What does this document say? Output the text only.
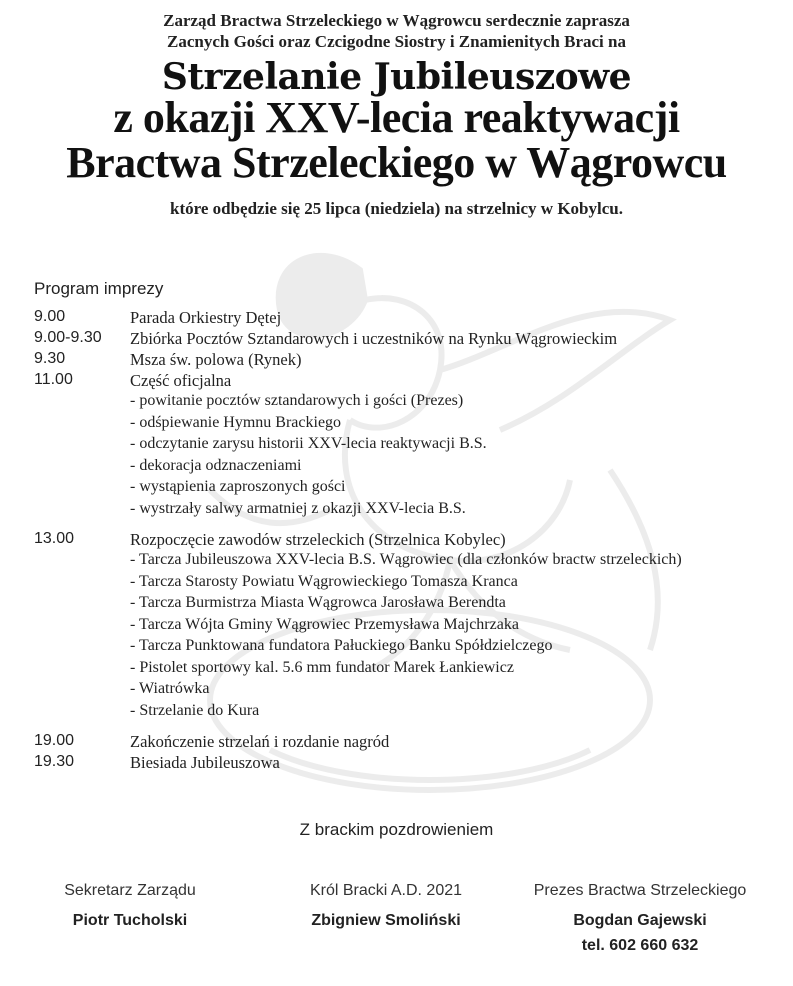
Zarząd Bractwa Strzeleckiego w Wągrowcu serdecznie zaprasza
Zacnych Gości oraz Czcigodne Siostry i Znamienitych Braci na
Strzelanie Jubileuszowe
z okazji XXV-lecia reaktywacji
Bractwa Strzeleckiego w Wągrowcu
które odbędzie się 25 lipca (niedziela) na strzelnicy w Kobylcu.
Program imprezy
9.00	Parada Orkiestry Dętej
9.00-9.30 Zbiórka Pocztów Sztandarowych i uczestników na Rynku Wągrowieckim
9.30	Msza św. polowa (Rynek)
11.00	Część oficjalna
- powitanie pocztów sztandarowych i gości (Prezes)
- odśpiewanie Hymnu Brackiego
- odczytanie zarysu historii XXV-lecia reaktywacji B.S.
- dekoracja odznaczeniami
- wystąpienia zaproszonych gości
- wystrzały salwy armatniej z okazji XXV-lecia B.S.
13.00	Rozpoczęcie zawodów strzeleckich (Strzelnica Kobylec)
- Tarcza Jubileuszowa XXV-lecia B.S. Wągrowiec (dla członków bractw strzeleckich)
- Tarcza Starosty Powiatu Wągrowieckiego Tomasza Kranca
- Tarcza Burmistrza Miasta Wągrowca Jarosława Berendta
- Tarcza Wójta Gminy Wągrowiec Przemysława Majchrzaka
- Tarcza Punktowana fundatora Pałuckiego Banku Spółdzielczego
- Pistolet sportowy kal. 5.6 mm fundator Marek Łankiewicz
- Wiatrówka
- Strzelanie do Kura
19.00	Zakończenie strzelań i rozdanie nagród
19.30	Biesiada Jubileuszowa
Z brackim pozdrowieniem
Sekretarz Zarządu
Piotr Tucholski
Król Bracki A.D. 2021
Zbigniew Smoliński
Prezes Bractwa Strzeleckiego
Bogdan Gajewski
tel. 602 660 632
